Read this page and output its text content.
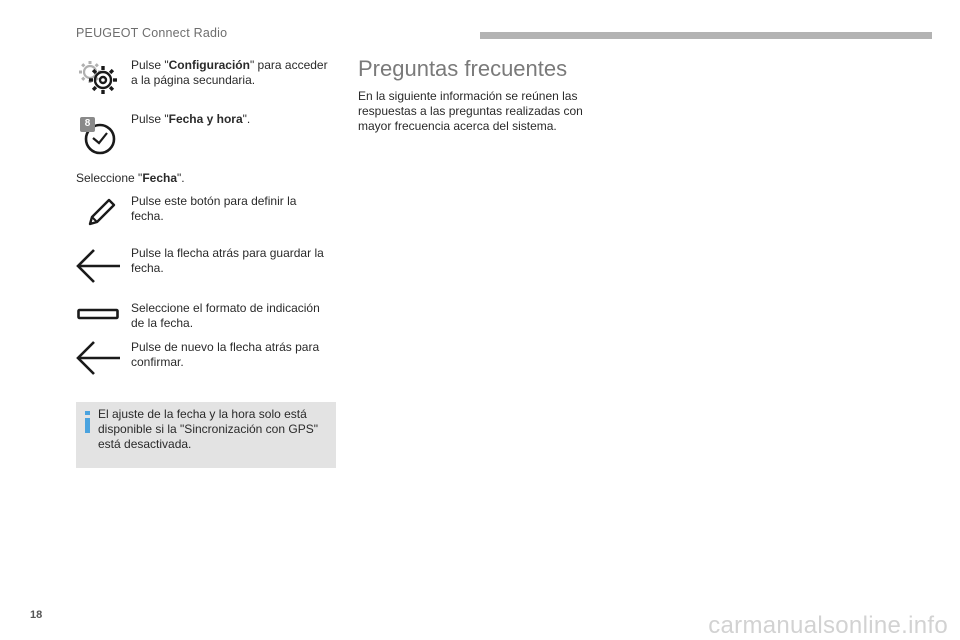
PEUGEOT Connect Radio
Pulse "Configuración" para acceder a la página secundaria.
8	Pulse "Fecha y hora".
Seleccione "Fecha".
Pulse este botón para definir la fecha.
Pulse la flecha atrás para guardar la fecha.
Seleccione el formato de indicación de la fecha.
Pulse de nuevo la flecha atrás para confirmar.
El ajuste de la fecha y la hora solo está disponible si la "Sincronización con GPS" está desactivada.
Preguntas frecuentes
En la siguiente información se reúnen las respuestas a las preguntas realizadas con mayor frecuencia acerca del sistema.
18	carmanualsonline.info
